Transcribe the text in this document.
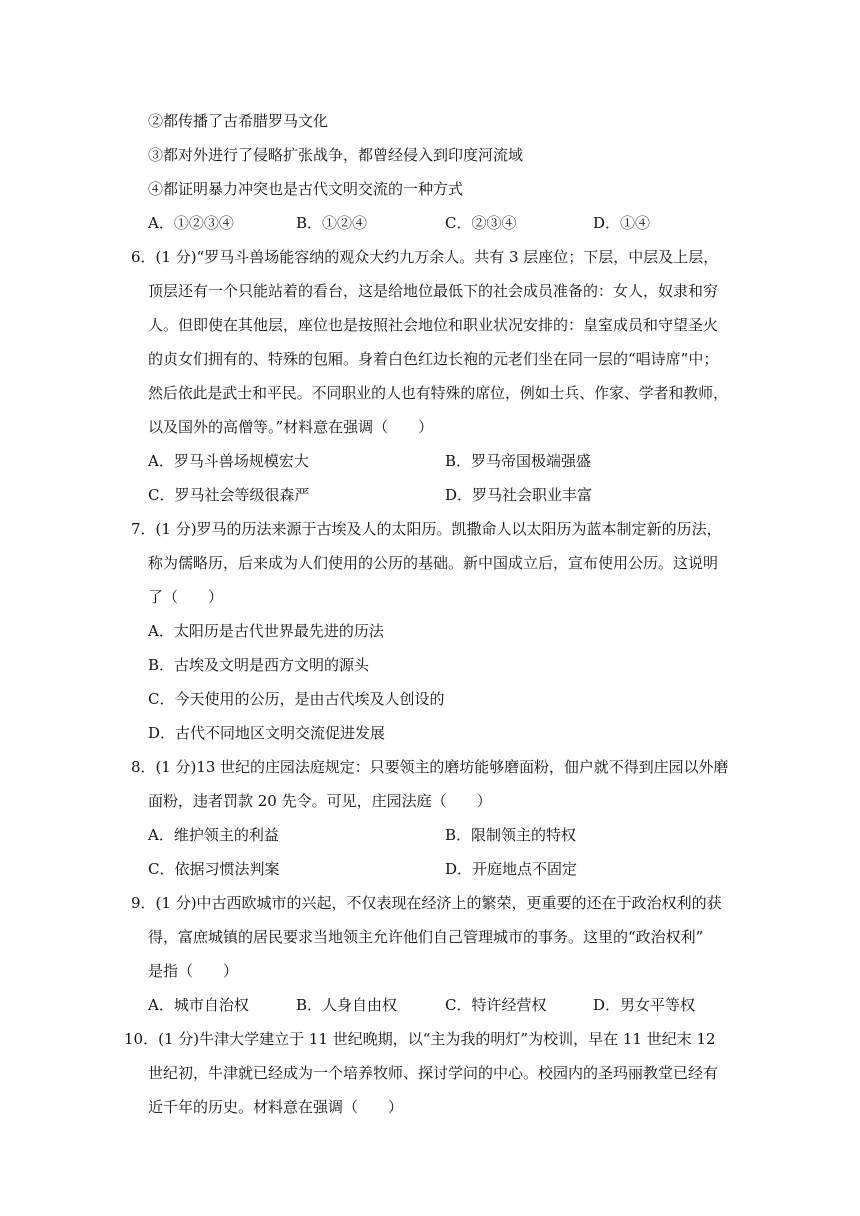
②都传播了古希腊罗马文化
③都对外进行了侵略扩张战争，都曾经侵入到印度河流域
④都证明暴力冲突也是古代文明交流的一种方式
A．①②③④	B．①②④	C．②③④	D．①④
6．(1 分)“罗马斗兽场能容纳的观众大约九万余人。共有 3 层座位；下层，中层及上层，
顶层还有一个只能站着的看台，这是给地位最低下的社会成员准备的：女人，奴隶和穷
人。但即使在其他层，座位也是按照社会地位和职业状况安排的：皇室成员和守望圣火
的贞女们拥有的、特殊的包厢。身着白色红边长袍的元老们坐在同一层的“唱诗席”中；
然后依此是武士和平民。不同职业的人也有特殊的席位，例如士兵、作家、学者和教师，
以及国外的高僧等。”材料意在强调（　　）
A．罗马斗兽场规模宏大	B．罗马帝国极端强盛
C．罗马社会等级很森严	D．罗马社会职业丰富
7．(1 分)罗马的历法来源于古埃及人的太阳历。凯撒命人以太阳历为蓝本制定新的历法，
称为儒略历，后来成为人们使用的公历的基础。新中国成立后，宣布使用公历。这说明
了（　　）
A．太阳历是古代世界最先进的历法
B．古埃及文明是西方文明的源头
C．今天使用的公历，是由古代埃及人创设的
D．古代不同地区文明交流促进发展
8．(1 分)13 世纪的庄园法庭规定：只要领主的磨坊能够磨面粉，佃户就不得到庄园以外磨
面粉，违者罚款 20 先令。可见，庄园法庭（　　）
A．维护领主的利益	B．限制领主的特权
C．依据习惯法判案	D．开庭地点不固定
9．(1 分)中古西欧城市的兴起，不仅表现在经济上的繁荣，更重要的还在于政治权利的获
得，富庶城镇的居民要求当地领主允许他们自己管理城市的事务。这里的“政治权利”
是指（　　）
A．城市自治权	B．人身自由权	C．特许经营权	D．男女平等权
10．(1 分)牛津大学建立于 11 世纪晚期，以“主为我的明灯”为校训，早在 11 世纪末 12
世纪初，牛津就已经成为一个培养牧师、探讨学问的中心。校园内的圣玛丽教堂已经有
近千年的历史。材料意在强调（　　）
